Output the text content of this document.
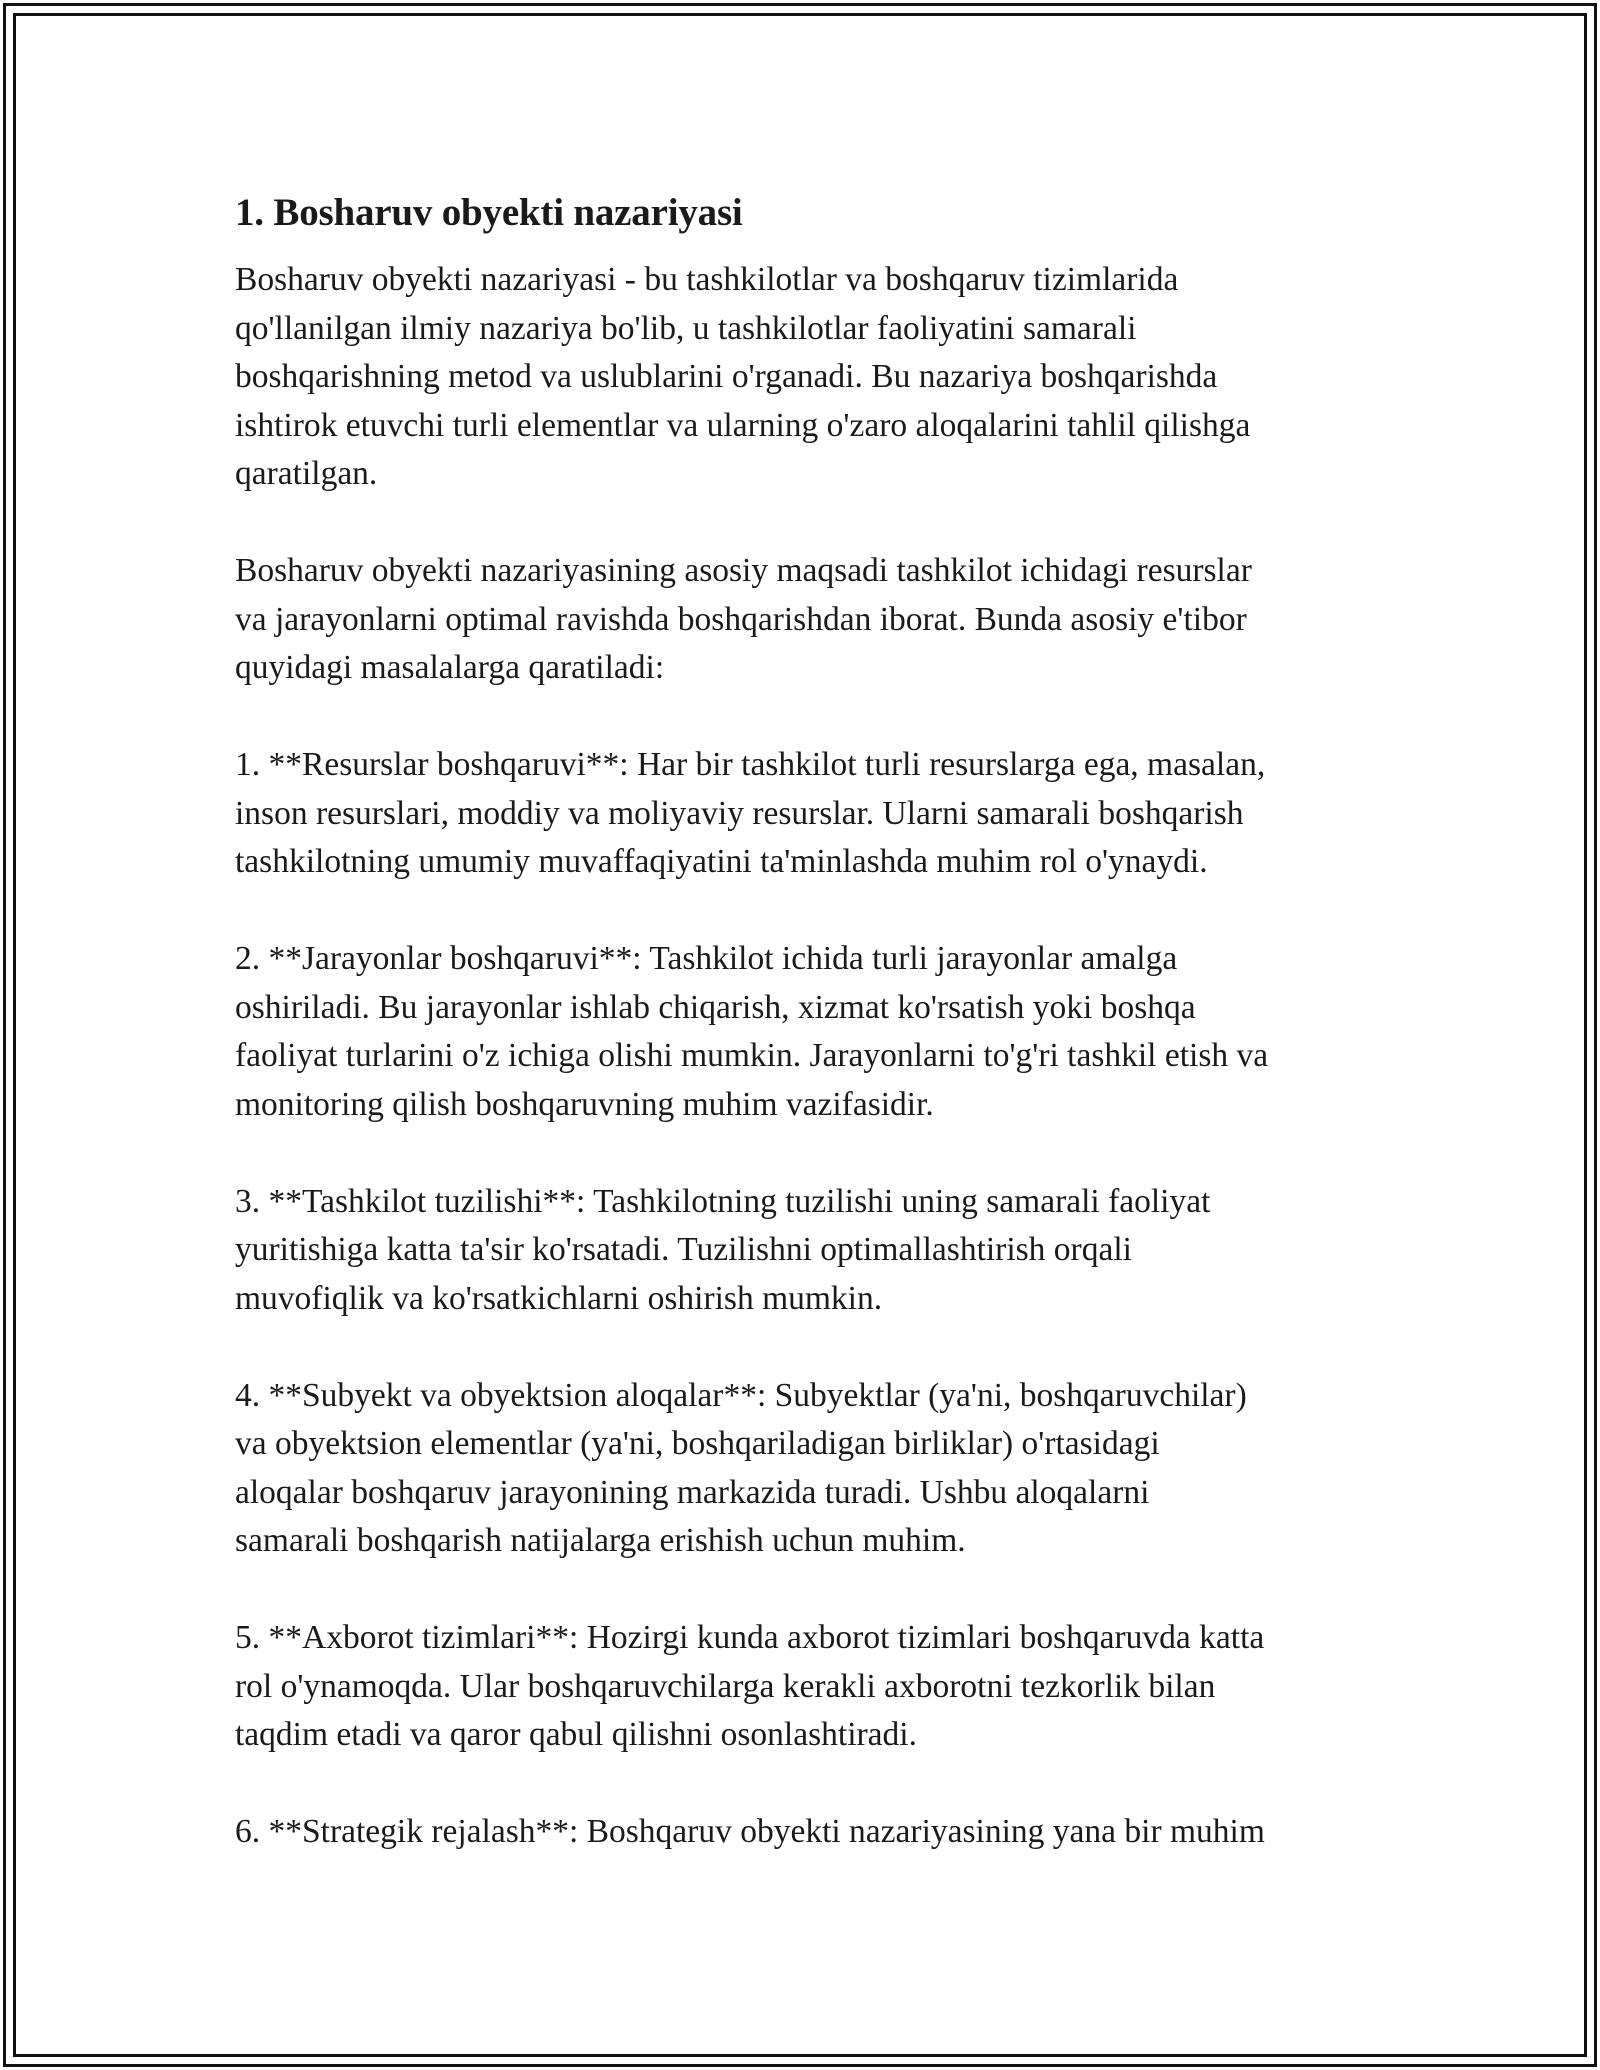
1. Bosharuv obyekti nazariyasi

Bosharuv obyekti nazariyasi - bu tashkilotlar va boshqaruv tizimlarida
qo'llanilgan ilmiy nazariya bo'lib, u tashkilotlar faoliyatini samarali
boshqarishning metod va uslublarini o'rganadi. Bu nazariya boshqarishda
ishtirok etuvchi turli elementlar va ularning o'zaro aloqalarini tahlil qilishga
qaratilgan.

Bosharuv obyekti nazariyasining asosiy maqsadi tashkilot ichidagi resurslar
va jarayonlarni optimal ravishda boshqarishdan iborat. Bunda asosiy e'tibor
quyidagi masalalarga qaratiladi:

1. **Resurslar boshqaruvi**: Har bir tashkilot turli resurslarga ega, masalan,
inson resurslari, moddiy va moliyaviy resurslar. Ularni samarali boshqarish
tashkilotning umumiy muvaffaqiyatini ta'minlashda muhim rol o'ynaydi.

2. **Jarayonlar boshqaruvi**: Tashkilot ichida turli jarayonlar amalga
oshiriladi. Bu jarayonlar ishlab chiqarish, xizmat ko'rsatish yoki boshqa
faoliyat turlarini o'z ichiga olishi mumkin. Jarayonlarni to'g'ri tashkil etish va
monitoring qilish boshqaruvning muhim vazifasidir.

3. **Tashkilot tuzilishi**: Tashkilotning tuzilishi uning samarali faoliyat
yuritishiga katta ta'sir ko'rsatadi. Tuzilishni optimallashtirish orqali
muvofiqlik va ko'rsatkichlarni oshirish mumkin.

4. **Subyekt va obyektsion aloqalar**: Subyektlar (ya'ni, boshqaruvchilar)
va obyektsion elementlar (ya'ni, boshqariladigan birliklar) o'rtasidagi
aloqalar boshqaruv jarayonining markazida turadi. Ushbu aloqalarni
samarali boshqarish natijalarga erishish uchun muhim.

5. **Axborot tizimlari**: Hozirgi kunda axborot tizimlari boshqaruvda katta
rol o'ynamoqda. Ular boshqaruvchilarga kerakli axborotni tezkorlik bilan
taqdim etadi va qaror qabul qilishni osonlashtiradi.

6. **Strategik rejalash**: Boshqaruv obyekti nazariyasining yana bir muhim
